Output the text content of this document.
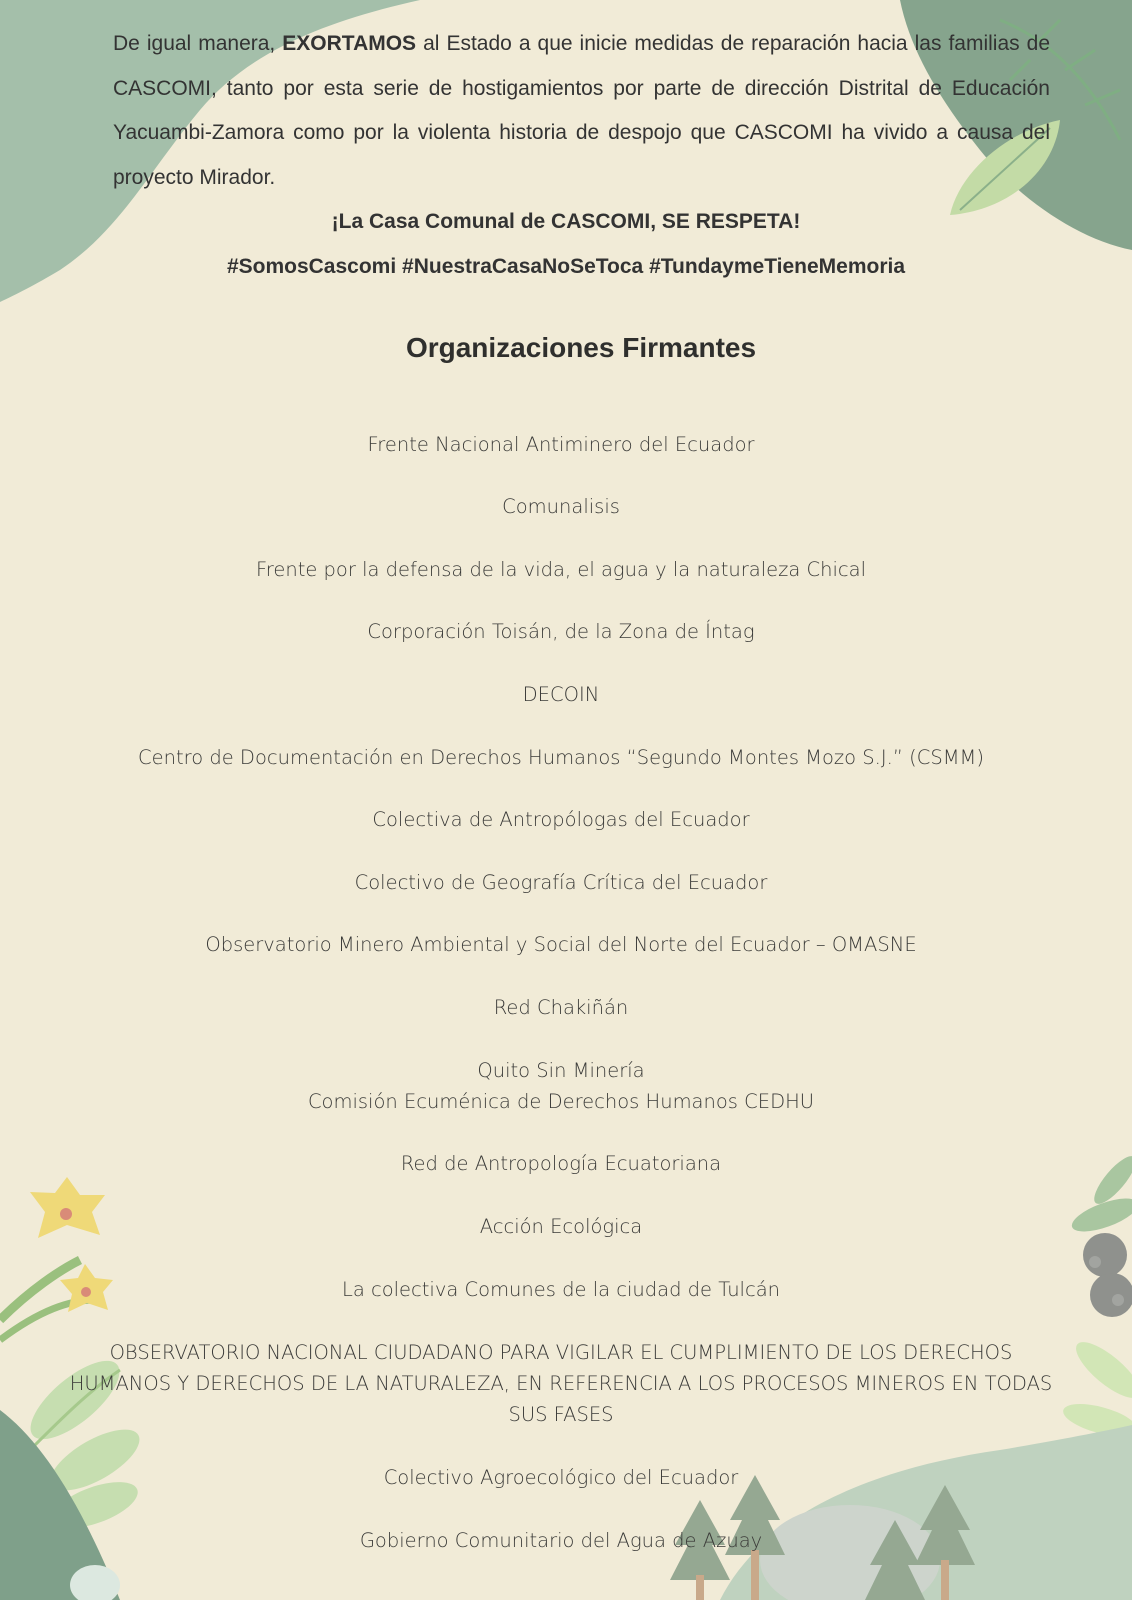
De igual manera, EXORTAMOS al Estado a que inicie medidas de reparación hacia las familias de CASCOMI, tanto por esta serie de hostigamientos por parte de dirección Distrital de Educación Yacuambi-Zamora como por la violenta historia de despojo que CASCOMI ha vivido a causa del proyecto Mirador.

¡La Casa Comunal de CASCOMI, SE RESPETA!

#SomosCascomi #NuestraCasaNoSeToca #TundaymeTieneMemoria

Organizaciones Firmantes
Frente Nacional Antiminero del Ecuador
Comunalisis
Frente por la defensa de la vida, el agua y la naturaleza Chical
Corporación Toisán, de la Zona de Íntag
DECOIN
Centro de Documentación en Derechos Humanos “Segundo Montes Mozo S.J.” (CSMM)
Colectiva de Antropólogas del Ecuador
Colectivo de Geografía Crítica del Ecuador
Observatorio Minero Ambiental y Social del Norte del Ecuador – OMASNE
Red Chakiñán
Quito Sin Minería
Comisión Ecuménica de Derechos Humanos CEDHU
Red de Antropología Ecuatoriana
Acción Ecológica
La colectiva Comunes de la ciudad de Tulcán
OBSERVATORIO NACIONAL CIUDADANO PARA VIGILAR EL CUMPLIMIENTO DE LOS DERECHOS HUMANOS Y DERECHOS DE LA NATURALEZA, EN REFERENCIA A LOS PROCESOS MINEROS EN TODAS SUS FASES
Colectivo Agroecológico del Ecuador
Gobierno Comunitario del Agua de Azuay
